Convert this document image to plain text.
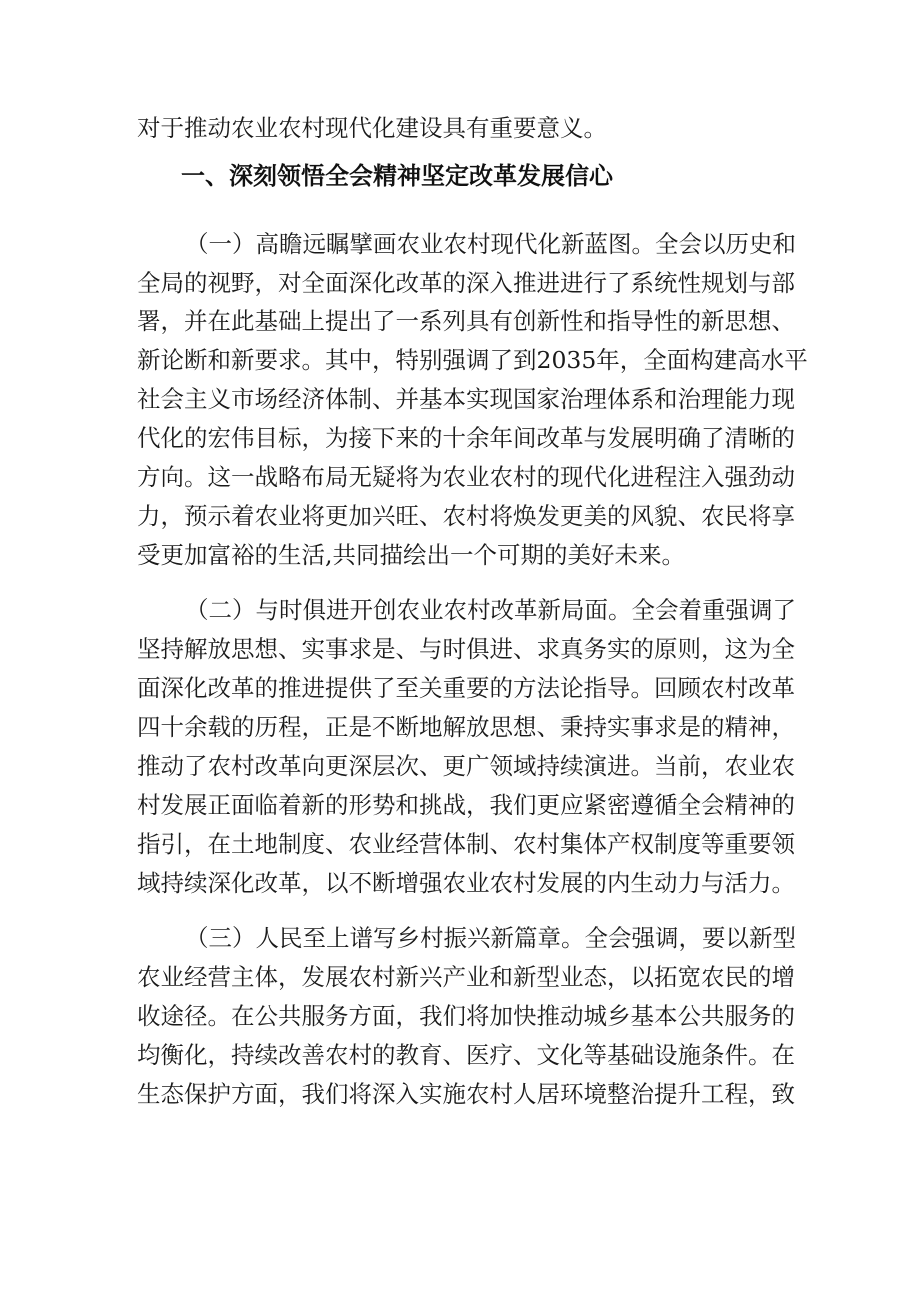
对于推动农业农村现代化建设具有重要意义。
一、深刻领悟全会精神坚定改革发展信心
（一）高瞻远瞩擘画农业农村现代化新蓝图。全会以历史和
全局的视野，对全面深化改革的深入推进进行了系统性规划与部
署，并在此基础上提出了一系列具有创新性和指导性的新思想、
新论断和新要求。其中，特别强调了到2035年，全面构建高水平
社会主义市场经济体制、并基本实现国家治理体系和治理能力现
代化的宏伟目标，为接下来的十余年间改革与发展明确了清晰的
方向。这一战略布局无疑将为农业农村的现代化进程注入强劲动
力，预示着农业将更加兴旺、农村将焕发更美的风貌、农民将享
受更加富裕的生活,共同描绘出一个可期的美好未来。
（二）与时俱进开创农业农村改革新局面。全会着重强调了
坚持解放思想、实事求是、与时俱进、求真务实的原则，这为全
面深化改革的推进提供了至关重要的方法论指导。回顾农村改革
四十余载的历程，正是不断地解放思想、秉持实事求是的精神，
推动了农村改革向更深层次、更广领域持续演进。当前，农业农
村发展正面临着新的形势和挑战，我们更应紧密遵循全会精神的
指引，在土地制度、农业经营体制、农村集体产权制度等重要领
域持续深化改革，以不断增强农业农村发展的内生动力与活力。
（三）人民至上谱写乡村振兴新篇章。全会强调，要以新型
农业经营主体，发展农村新兴产业和新型业态，以拓宽农民的增
收途径。在公共服务方面，我们将加快推动城乡基本公共服务的
均衡化，持续改善农村的教育、医疗、文化等基础设施条件。在
生态保护方面，我们将深入实施农村人居环境整治提升工程，致
